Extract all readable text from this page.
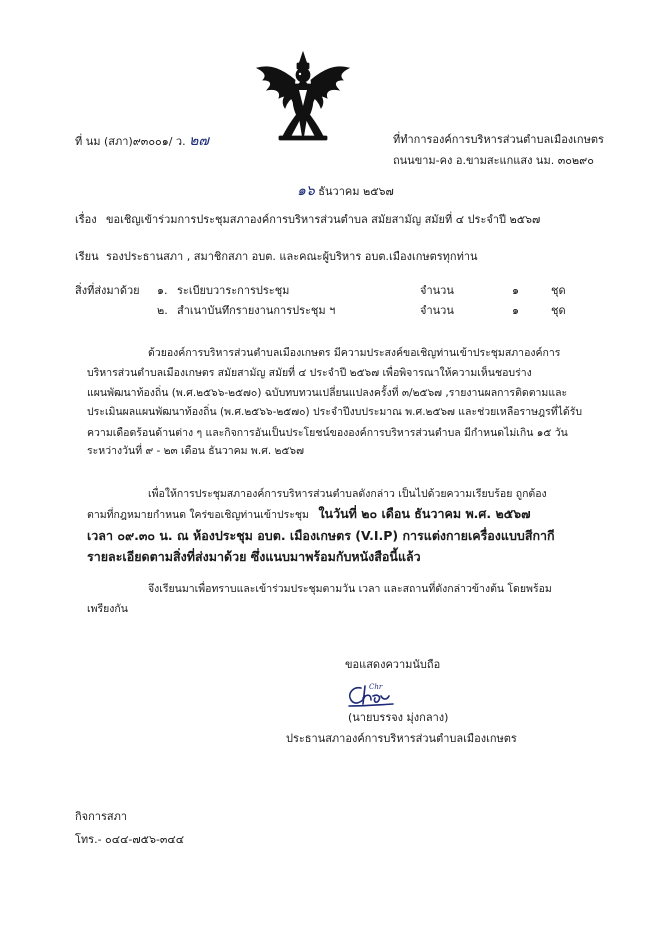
ที่ นม (สภา)๙๓๐๐๑/ ว. ๒๗	ที่ทำการองค์การบริหารส่วนตำบลเมืองเกษตร
ถนนขาม-คง อ.ขามสะแกแสง นม. ๓๐๒๙๐
๑๖ ธันวาคม ๒๕๖๗
เรื่อง ขอเชิญเข้าร่วมการประชุมสภาองค์การบริหารส่วนตำบล สมัยสามัญ สมัยที่ ๔ ประจำปี ๒๕๖๗
เรียน รองประธานสภา , สมาชิกสภา อบต. และคณะผู้บริหาร อบต.เมืองเกษตรทุกท่าน
สิ่งที่ส่งมาด้วย ๑. ระเบียบวาระการประชุม	จำนวน	๑	ชุด
๒. สำเนาบันทึกรายงานการประชุม ฯ	จำนวน	๑	ชุด
ด้วยองค์การบริหารส่วนตำบลเมืองเกษตร มีความประสงค์ขอเชิญท่านเข้าประชุมสภาองค์การ
บริหารส่วนตำบลเมืองเกษตร สมัยสามัญ สมัยที่ ๔ ประจำปี ๒๕๖๗ เพื่อพิจารณาให้ความเห็นชอบร่าง
แผนพัฒนาท้องถิ่น (พ.ศ.๒๕๖๖-๒๕๗๐) ฉบับทบทวนเปลี่ยนแปลงครั้งที่ ๓/๒๕๖๗ ,รายงานผลการติดตามและ
ประเมินผลแผนพัฒนาท้องถิ่น (พ.ศ.๒๕๖๖-๒๕๗๐) ประจำปีงบประมาณ พ.ศ.๒๕๖๗ และช่วยเหลือราษฎรที่ได้รับ
ความเดือดร้อนด้านต่าง ๆ และกิจการอันเป็นประโยชน์ขององค์การบริหารส่วนตำบล มีกำหนดไม่เกิน ๑๕ วัน
ระหว่างวันที่ ๙ - ๒๓ เดือน ธันวาคม พ.ศ. ๒๕๖๗
เพื่อให้การประชุมสภาองค์การบริหารส่วนตำบลดังกล่าว เป็นไปด้วยความเรียบร้อย ถูกต้อง
ตามที่กฎหมายกำหนด ใคร่ขอเชิญท่านเข้าประชุม ในวันที่ ๒๐ เดือน ธันวาคม พ.ศ. ๒๕๖๗
เวลา ๐๙.๓๐ น. ณ ห้องประชุม อบต. เมืองเกษตร (V.I.P) การแต่งกายเครื่องแบบสีกากี
รายละเอียดตามสิ่งที่ส่งมาด้วย ซึ่งแนบมาพร้อมกับหนังสือนี้แล้ว
จึงเรียนมาเพื่อทราบและเข้าร่วมประชุมตามวัน เวลา และสถานที่ดังกล่าวข้างต้น โดยพร้อม
เพรียงกัน
ขอแสดงความนับถือ
Chr
(นายบรรจง มุ่งกลาง)
ประธานสภาองค์การบริหารส่วนตำบลเมืองเกษตร
กิจการสภา
โทร.- ๐๔๔-๗๕๖-๓๔๔
